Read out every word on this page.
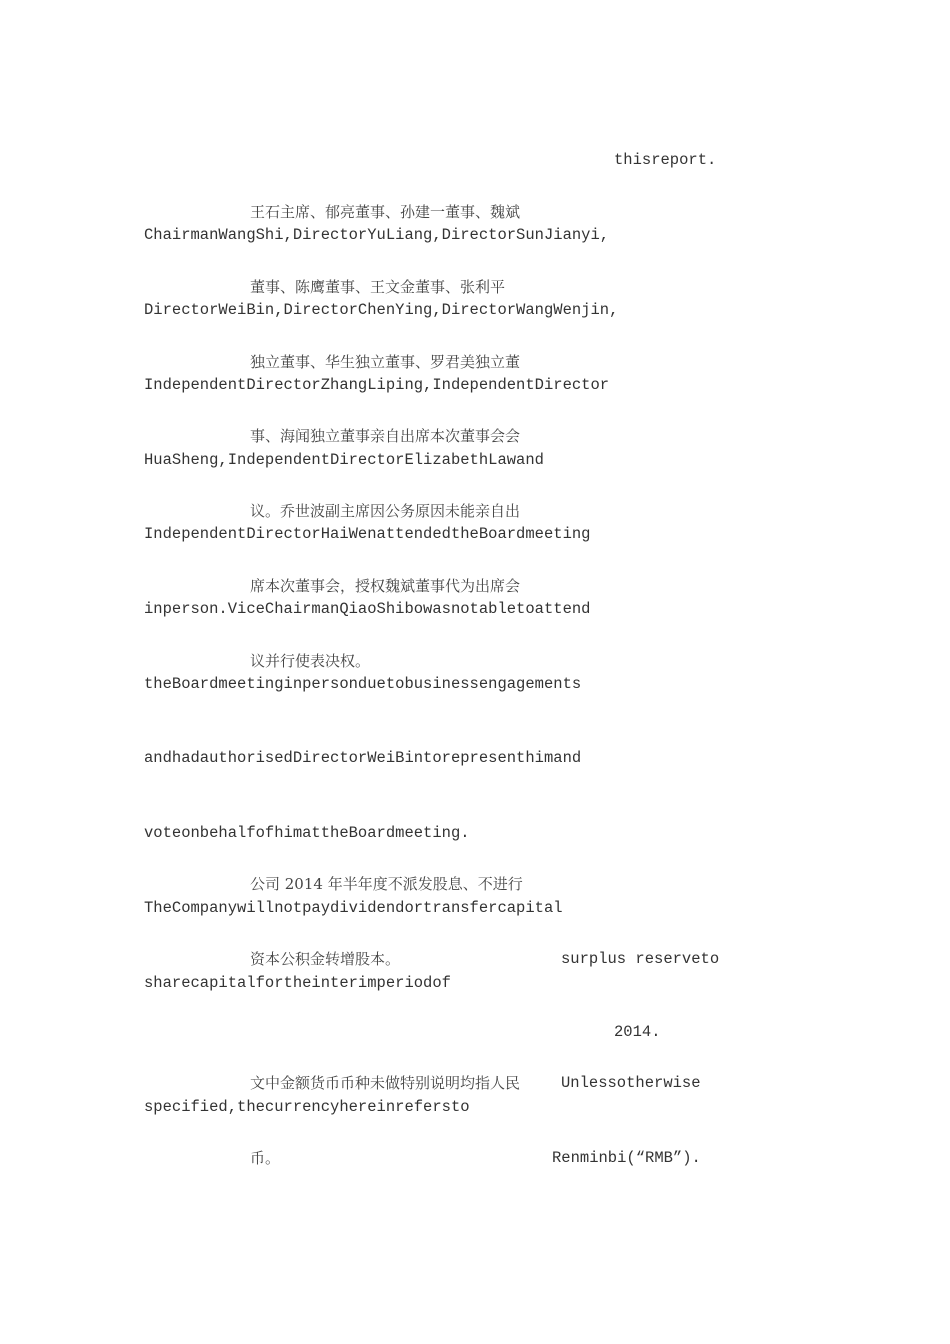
thisreport.
王石主席、郁亮董事、孙建一董事、魏斌
ChairmanWangShi,DirectorYuLiang,DirectorSunJianyi,
董事、陈鹰董事、王文金董事、张利平
DirectorWeiBin,DirectorChenYing,DirectorWangWenjin,
独立董事、华生独立董事、罗君美独立董
IndependentDirectorZhangLiping,IndependentDirector
事、海闻独立董事亲自出席本次董事会会
HuaSheng,IndependentDirectorElizabethLawand
议。乔世波副主席因公务原因未能亲自出
IndependentDirectorHaiWenattendedtheBoardmeeting
席本次董事会，授权魏斌董事代为出席会
inperson.ViceChairmanQiaoShibowasnotabletoattend
议并行使表决权。
theBoardmeetinginpersonduetobusinessengagements
andhadauthorisedDirectorWeiBintorepresenthimand
voteonbehalfofhimattheBoardmeeting.
公司 2014 年半年度不派发股息、不进行
TheCompanywillnotpaydividendortransfercapital
资本公积金转增股本。	surplus reserveto
sharecapitalfortheinterimperiodof
2014.
文中金额货币币种未做特别说明均指人民	Unlessotherwise
specified,thecurrencyhereinrefersto
币。	Renminbi(“RMB”).
